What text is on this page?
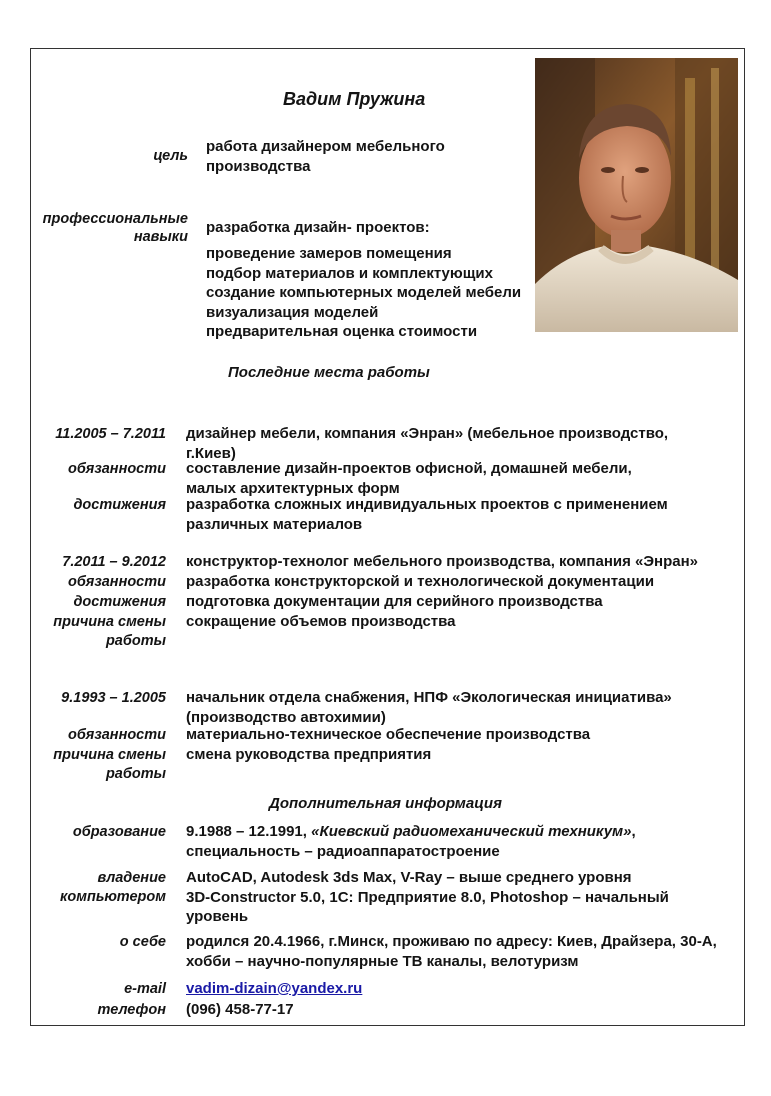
Вадим Пружина
цель
работа дизайнером мебельного
производства
профессиональные
навыки
разработка дизайн- проектов:
проведение замеров помещения
подбор материалов и комплектующих
создание компьютерных моделей мебели
визуализация моделей
предварительная оценка стоимости
Последние места работы
11.2005 – 7.2011 дизайнер мебели, компания «Энран» (мебельное производство,
г.Киев)
обязанности составление дизайн-проектов офисной, домашней мебели,
малых архитектурных форм
достижения разработка сложных индивидуальных проектов с применением
различных материалов
7.2011 – 9.2012 конструктор-технолог мебельного производства, компания «Энран»
обязанности разработка конструкторской и технологической документации
достижения подготовка документации для серийного производства
причина смены
работы
сокращение объемов производства
9.1993 – 1.2005 начальник отдела снабжения, НПФ «Экологическая инициатива»
(производство автохимии)
обязанности материально-техническое обеспечение производства
причина смены
работы
смена руководства предприятия
Дополнительная информация
образование 9.1988 – 12.1991, «Киевский радиомеханический техникум»,
специальность – радиоаппаратостроение
владение
компьютером
AutoCAD, Autodesk 3ds Max, V-Ray – выше среднего уровня
3D-Constructor 5.0, 1C: Предприятие 8.0, Photoshop – начальный
уровень
о себе родился 20.4.1966, г.Минск, проживаю по адресу: Киев, Драйзера, 30-А,
хобби – научно-популярные ТВ каналы, велотуризм
e-mail vadim-dizain@yandex.ru
телефон (096) 458-77-17
